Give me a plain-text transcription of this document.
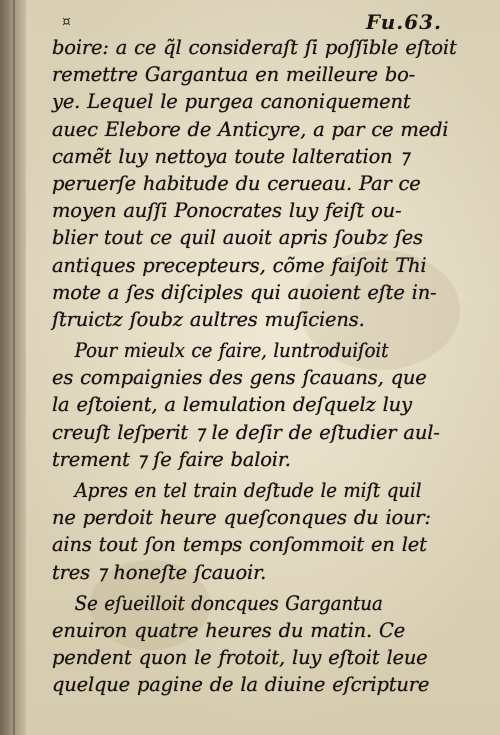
¤	Fu.63.
boire: a ce q̃l consideraſt ſi poſſible eſtoit
remettre Gargantua en meilleure bo-
ye. Lequel le purgea canoniquement
auec Elebore de Anticyre, a par ce medi
camẽt luy nettoya toute lalteration ⁊
peruerſe habitude du cerueau. Par ce
moyen auſſi Ponocrates luy feiſt ou-
blier tout ce quil auoit apris ſoubz ſes
antiques precepteurs, cõme faiſoit Thi
mote a ſes diſciples qui auoient eſte in-
ſtruictz ſoubz aultres muſiciens.
Pour mieulx ce faire, luntroduiſoit
es compaignies des gens ſcauans, que
la eſtoient, a lemulation deſquelz luy
creuſt leſperit ⁊ le deſir de eſtudier aul-
trement ⁊ ſe faire baloir.
Apres en tel train deſtude le miſt quil
ne perdoit heure queſconques du iour:
ains tout ſon temps conſommoit en let
tres ⁊ honeſte ſcauoir.
Se eſueilloit doncques Gargantua
enuiron quatre heures du matin. Ce
pendent quon le frotoit, luy eſtoit leue
quelque pagine de la diuine eſcripture
